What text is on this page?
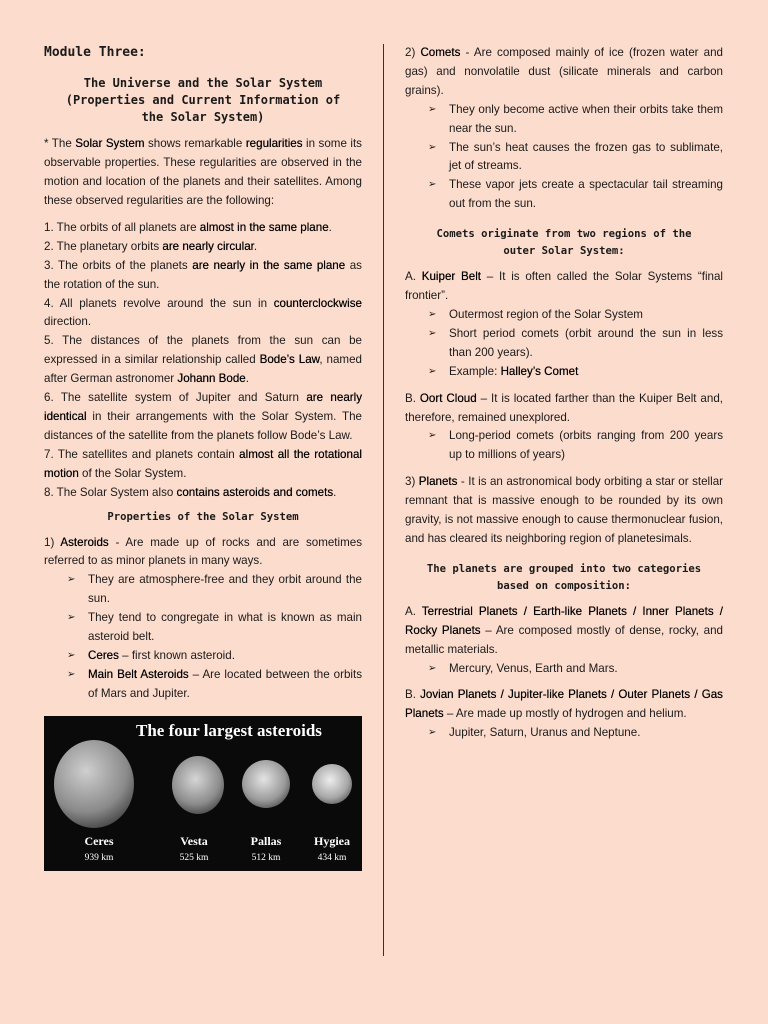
Module Three:
The Universe and the Solar System
(Properties and Current Information of
the Solar System)

* The Solar System shows remarkable regularities in some its observable properties. These regularities are observed in the motion and location of the planets and their satellites. Among these observed regularities are the following:

1. The orbits of all planets are almost in the same plane.
2. The planetary orbits are nearly circular.
3. The orbits of the planets are nearly in the same plane as the rotation of the sun.
4. All planets revolve around the sun in counterclockwise direction.
5. The distances of the planets from the sun can be expressed in a similar relationship called Bode’s Law, named after German astronomer Johann Bode.
6. The satellite system of Jupiter and Saturn are nearly identical in their arrangements with the Solar System. The distances of the satellite from the planets follow Bode’s Law.
7. The satellites and planets contain almost all the rotational motion of the Solar System.
8. The Solar System also contains asteroids and comets.
Properties of the Solar System

1) Asteroids - Are made up of rocks and are sometimes referred to as minor planets in many ways.

➢ They are atmosphere-free and they orbit around the sun.
➢ They tend to congregate in what is known as main asteroid belt.
➢ Ceres – first known asteroid.
➢ Main Belt Asteroids – Are located between the orbits of Mars and Jupiter.
The four largest asteroids
Ceres
939 km
Vesta
525 km
Pallas
512 km
Hygiea
434 km

2) Comets - Are composed mainly of ice (frozen water and gas) and nonvolatile dust (silicate minerals and carbon grains).

➢ They only become active when their orbits take them near the sun.
➢ The sun’s heat causes the frozen gas to sublimate, jet of streams.
➢ These vapor jets create a spectacular tail streaming out from the sun.
Comets originate from two regions of the
outer Solar System:

A. Kuiper Belt – It is often called the Solar Systems “final frontier”.

➢ Outermost region of the Solar System
➢ Short period comets (orbit around the sun in less than 200 years).
➢ Example: Halley’s Comet

B. Oort Cloud – It is located farther than the Kuiper Belt and, therefore, remained unexplored.

➢ Long-period comets (orbits ranging from 200 years up to millions of years)

3) Planets - It is an astronomical body orbiting a star or stellar remnant that is massive enough to be rounded by its own gravity, is not massive enough to cause thermonuclear fusion, and has cleared its neighboring region of planetesimals.

The planets are grouped into two categories
based on composition:

A. Terrestrial Planets / Earth-like Planets / Inner Planets / Rocky Planets – Are composed mostly of dense, rocky, and metallic materials.

➢ Mercury, Venus, Earth and Mars.

B. Jovian Planets / Jupiter-like Planets / Outer Planets / Gas Planets – Are made up mostly of hydrogen and helium.

➢ Jupiter, Saturn, Uranus and Neptune.
